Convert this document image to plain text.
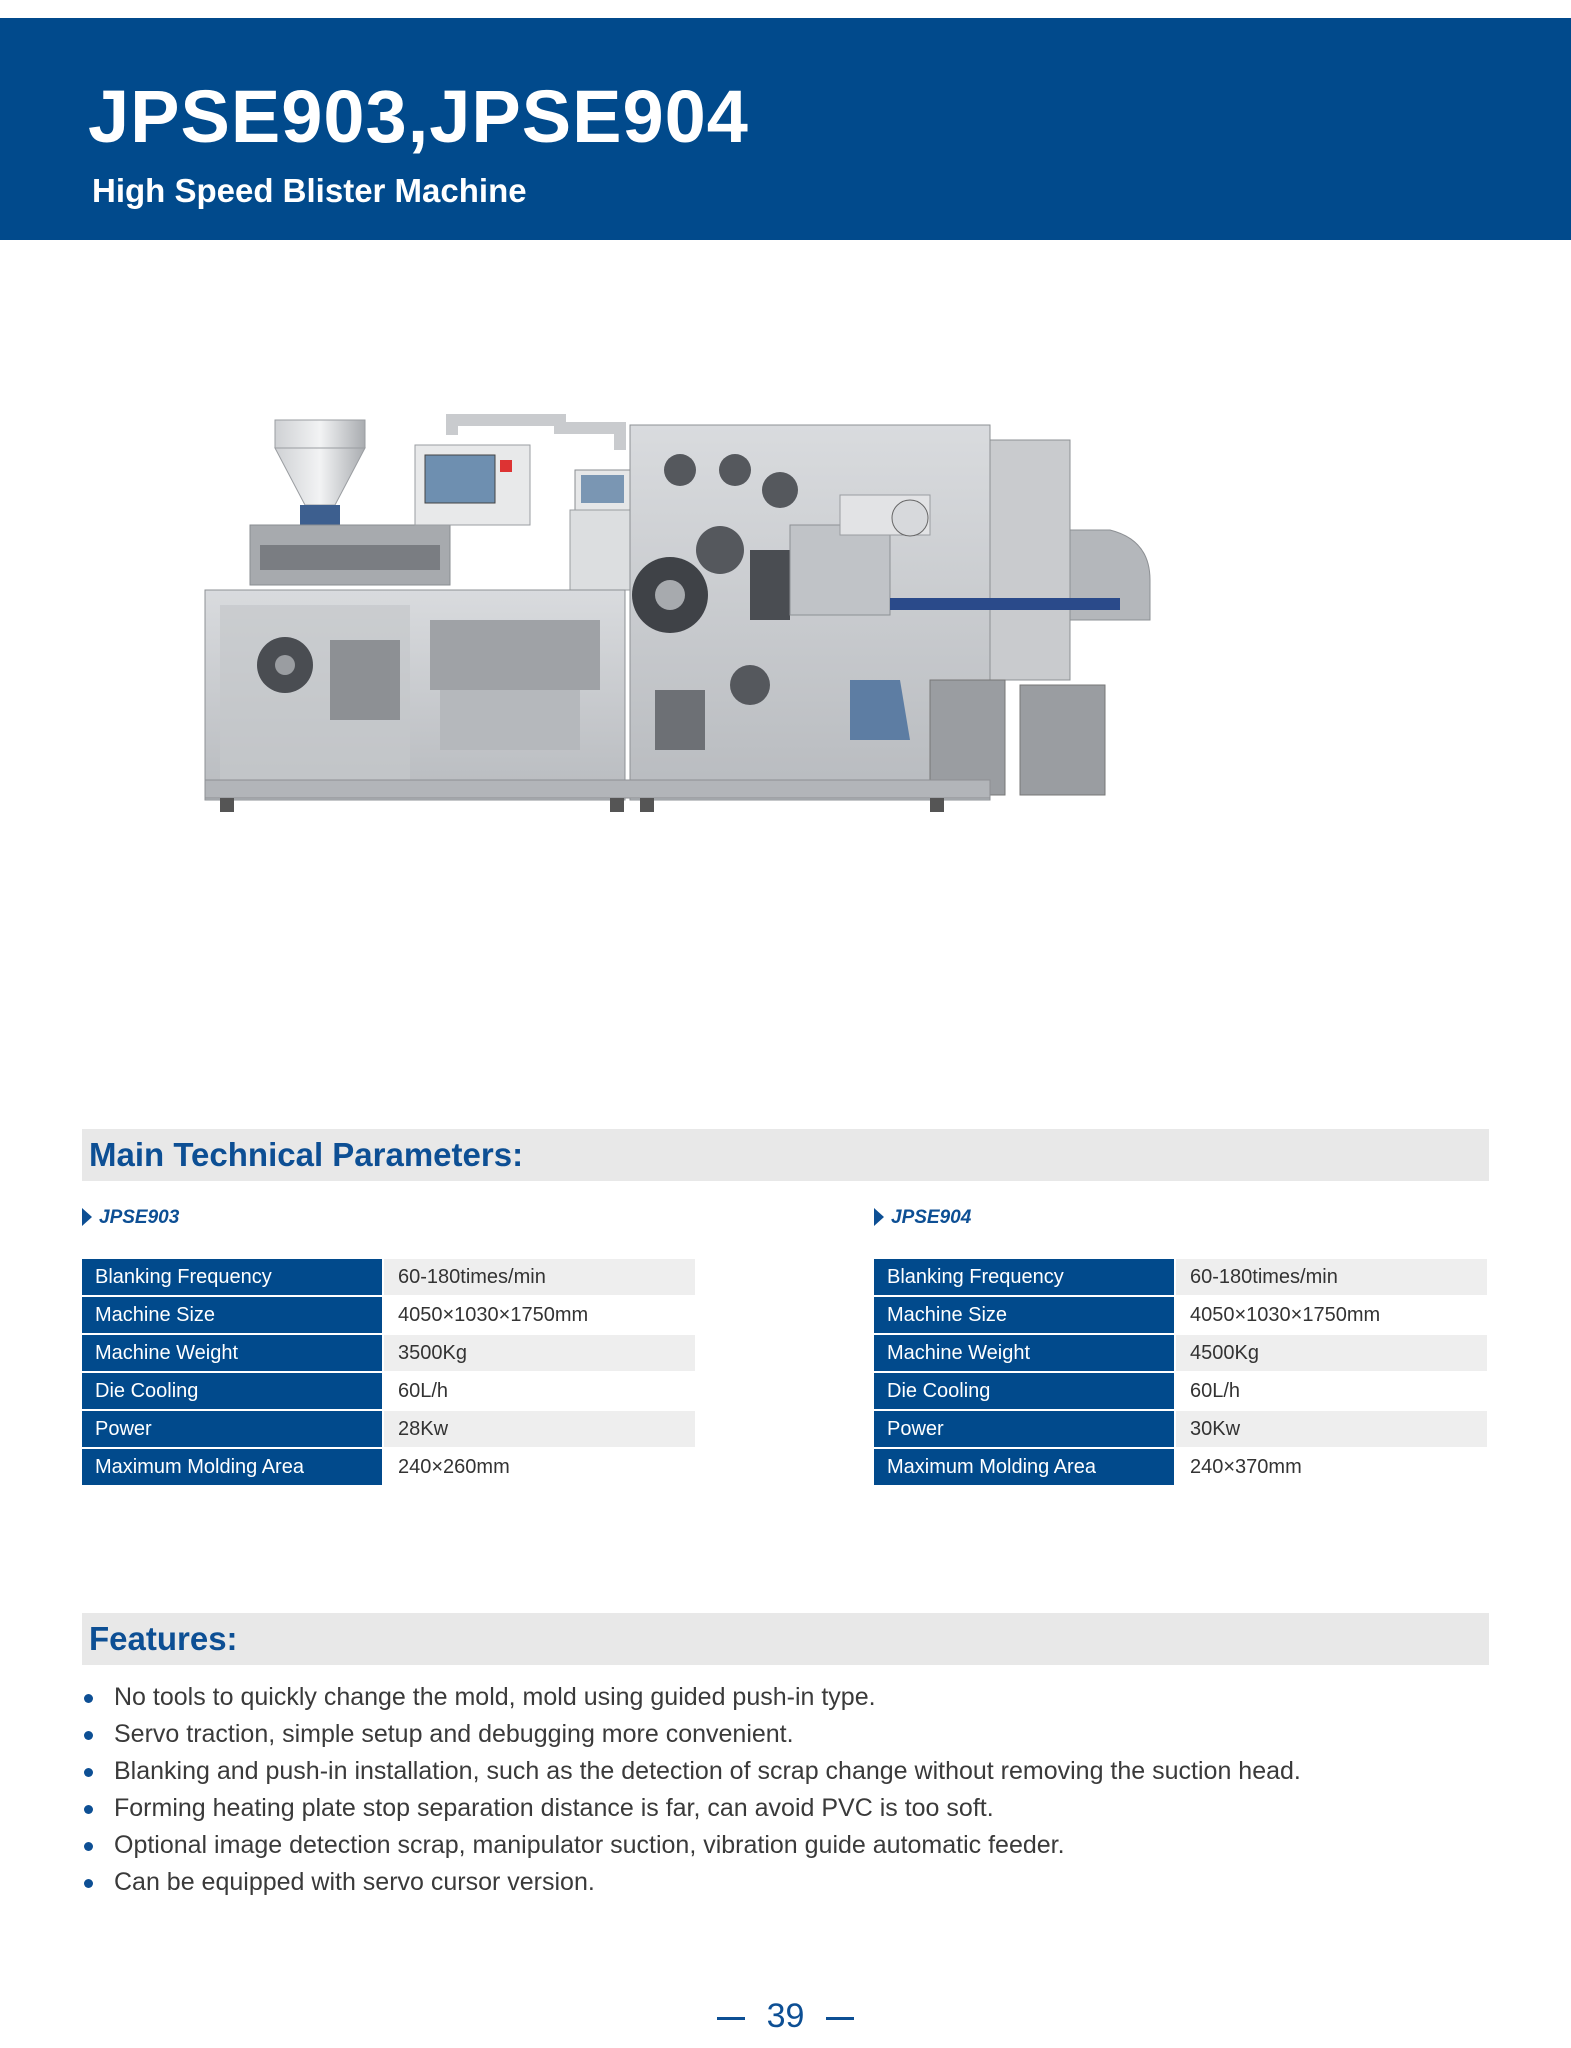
JPSE903,JPSE904
High Speed Blister Machine
Main Technical Parameters:
JPSE903	JPSE904
Blanking Frequency	60-180times/min
Machine Size	4050×1030×1750mm
Machine Weight	3500Kg
Die Cooling	60L/h
Power	28Kw
Maximum Molding Area	240×260mm
Blanking Frequency	60-180times/min
Machine Size	4050×1030×1750mm
Machine Weight	4500Kg
Die Cooling	60L/h
Power	30Kw
Maximum Molding Area	240×370mm
Features:
No tools to quickly change the mold, mold using guided push-in type.
Servo traction, simple setup and debugging more convenient.
Blanking and push-in installation, such as the detection of scrap change without removing the suction head.
Forming heating plate stop separation distance is far, can avoid PVC is too soft.
Optional image detection scrap, manipulator suction, vibration guide automatic feeder.
Can be equipped with servo cursor version.
39
